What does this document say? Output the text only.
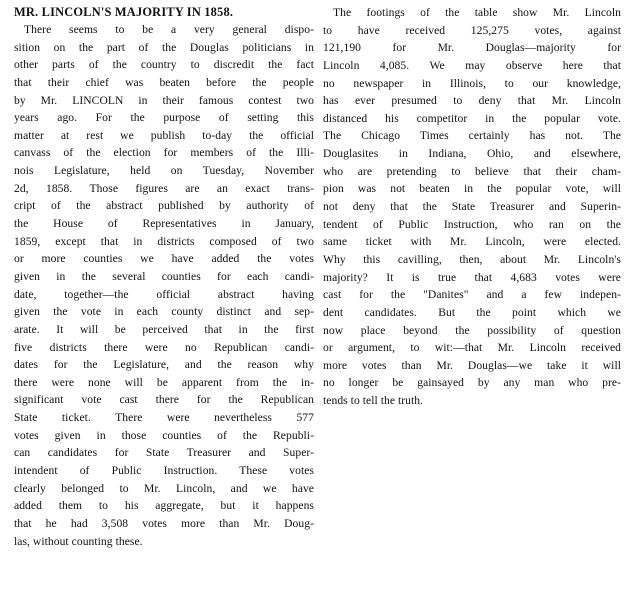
MR. LINCOLN'S MAJORITY IN 1858.
There seems to be a very general dispo-
sition on the part of the Douglas politicians in
other parts of the country to discredit the fact
that their chief was beaten before the people
by Mr. LINCOLN in their famous contest two
years ago. For the purpose of setting this
matter at rest we publish to-day the official
canvass of the election for members of the Illi-
nois Legislature, held on Tuesday, November
2d, 1858. Those figures are an exact trans-
cript of the abstract published by authority of
the House of Representatives in January,
1859, except that in districts composed of two
or more counties we have added the votes
given in the several counties for each candi-
date, together—the official abstract having
given the vote in each county distinct and sep-
arate. It will be perceived that in the first
five districts there were no Republican candi-
dates for the Legislature, and the reason why
there were none will be apparent from the in-
significant vote cast there for the Republican
State ticket. There were nevertheless 577
votes given in those counties of the Republi-
can candidates for State Treasurer and Super-
intendent of Public Instruction. These votes
clearly belonged to Mr. Lincoln, and we have
added them to his aggregate, but it happens
that he had 3,508 votes more than Mr. Doug-
las, without counting these.
The footings of the table show Mr. Lincoln
to have received 125,275 votes, against
121,190 for Mr. Douglas—majority for
Lincoln 4,085. We may observe here that
no newspaper in Illinois, to our knowledge,
has ever presumed to deny that Mr. Lincoln
distanced his competitor in the popular vote.
The Chicago Times certainly has not. The
Douglasites in Indiana, Ohio, and elsewhere,
who are pretending to believe that their cham-
pion was not beaten in the popular vote, will
not deny that the State Treasurer and Superin-
tendent of Public Instruction, who ran on the
same ticket with Mr. Lincoln, were elected.
Why this cavilling, then, about Mr. Lincoln's
majority? It is true that 4,683 votes were
cast for the "Danites" and a few indepen-
dent candidates. But the point which we
now place beyond the possibility of question
or argument, to wit:—that Mr. Lincoln received
more votes than Mr. Douglas—we take it will
no longer be gainsayed by any man who pre-
tends to tell the truth.
